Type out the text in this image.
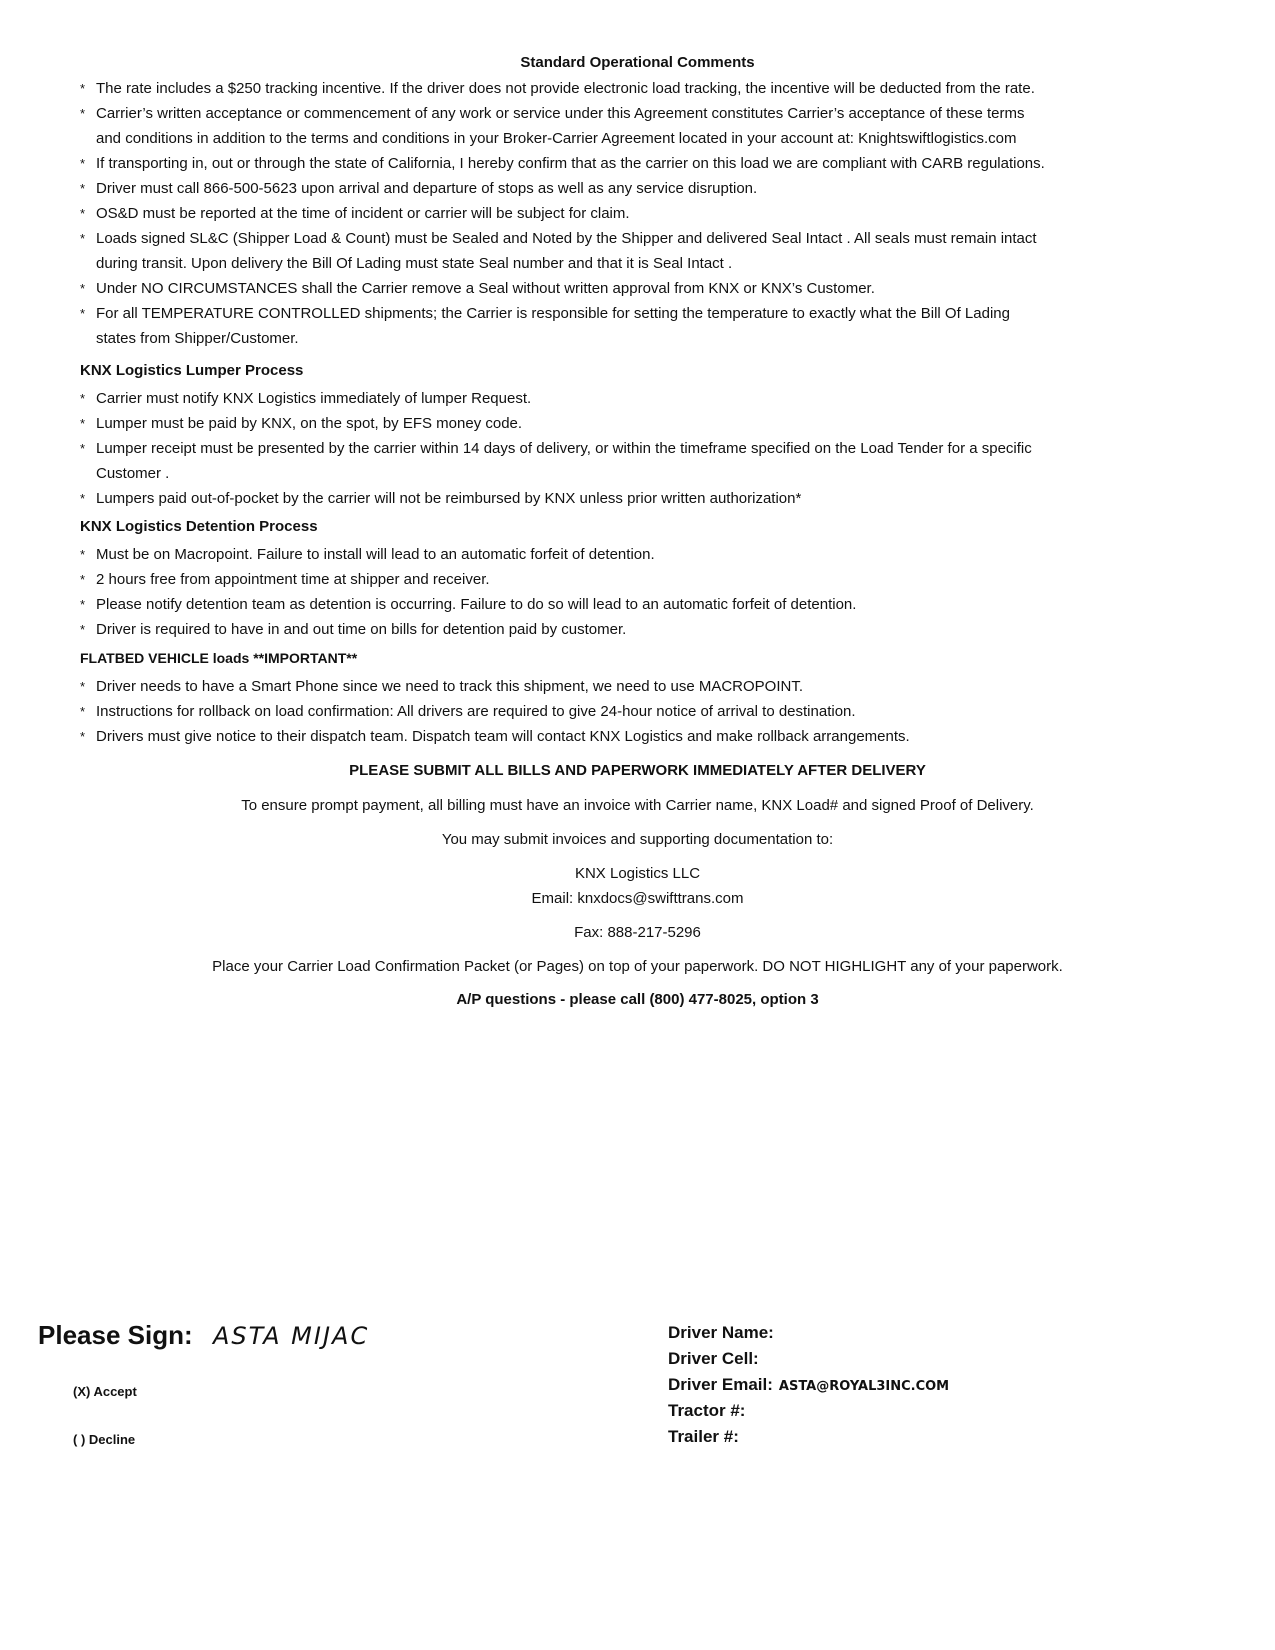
Standard Operational Comments
* The rate includes a $250 tracking incentive. If the driver does not provide electronic load tracking, the incentive will be deducted from the rate.
* Carrier’s written acceptance or commencement of any work or service under this Agreement constitutes Carrier’s acceptance of these terms
and conditions in addition to the terms and conditions in your Broker-Carrier Agreement located in your account at: Knightswiftlogistics.com
* If transporting in, out or through the state of California, I hereby confirm that as the carrier on this load we are compliant with CARB regulations.
* Driver must call 866-500-5623 upon arrival and departure of stops as well as any service disruption.
* OS&D must be reported at the time of incident or carrier will be subject for claim.
* Loads signed SL&C (Shipper Load & Count) must be Sealed and Noted by the Shipper and delivered Seal Intact . All seals must remain intact
during transit. Upon delivery the Bill Of Lading must state Seal number and that it is Seal Intact .
* Under NO CIRCUMSTANCES shall the Carrier remove a Seal without written approval from KNX or KNX’s Customer.
* For all TEMPERATURE CONTROLLED shipments; the Carrier is responsible for setting the temperature to exactly what the Bill Of Lading
states from Shipper/Customer.
KNX Logistics Lumper Process
* Carrier must notify KNX Logistics immediately of lumper Request.
* Lumper must be paid by KNX, on the spot, by EFS money code.
* Lumper receipt must be presented by the carrier within 14 days of delivery, or within the timeframe specified on the Load Tender for a specific
Customer .
* Lumpers paid out-of-pocket by the carrier will not be reimbursed by KNX unless prior written authorization*
KNX Logistics Detention Process
* Must be on Macropoint. Failure to install will lead to an automatic forfeit of detention.
* 2 hours free from appointment time at shipper and receiver.
* Please notify detention team as detention is occurring. Failure to do so will lead to an automatic forfeit of detention.
* Driver is required to have in and out time on bills for detention paid by customer.
FLATBED VEHICLE loads **IMPORTANT**
* Driver needs to have a Smart Phone since we need to track this shipment, we need to use MACROPOINT.
* Instructions for rollback on load confirmation: All drivers are required to give 24-hour notice of arrival to destination.
* Drivers must give notice to their dispatch team. Dispatch team will contact KNX Logistics and make rollback arrangements.
PLEASE SUBMIT ALL BILLS AND PAPERWORK IMMEDIATELY AFTER DELIVERY
To ensure prompt payment, all billing must have an invoice with Carrier name, KNX Load# and signed Proof of Delivery.
You may submit invoices and supporting documentation to:
KNX Logistics LLC
Email: knxdocs@swifttrans.com
Fax: 888-217-5296
Place your Carrier Load Confirmation Packet (or Pages) on top of your paperwork. DO NOT HIGHLIGHT any of your paperwork.
A/P questions - please call (800) 477-8025, option 3
Please Sign: ASTA MIJAC
(X) Accept
( ) Decline
Driver Name:
Driver Cell:
Driver Email: ASTA@ROYAL3INC.COM
Tractor #:
Trailer #:
